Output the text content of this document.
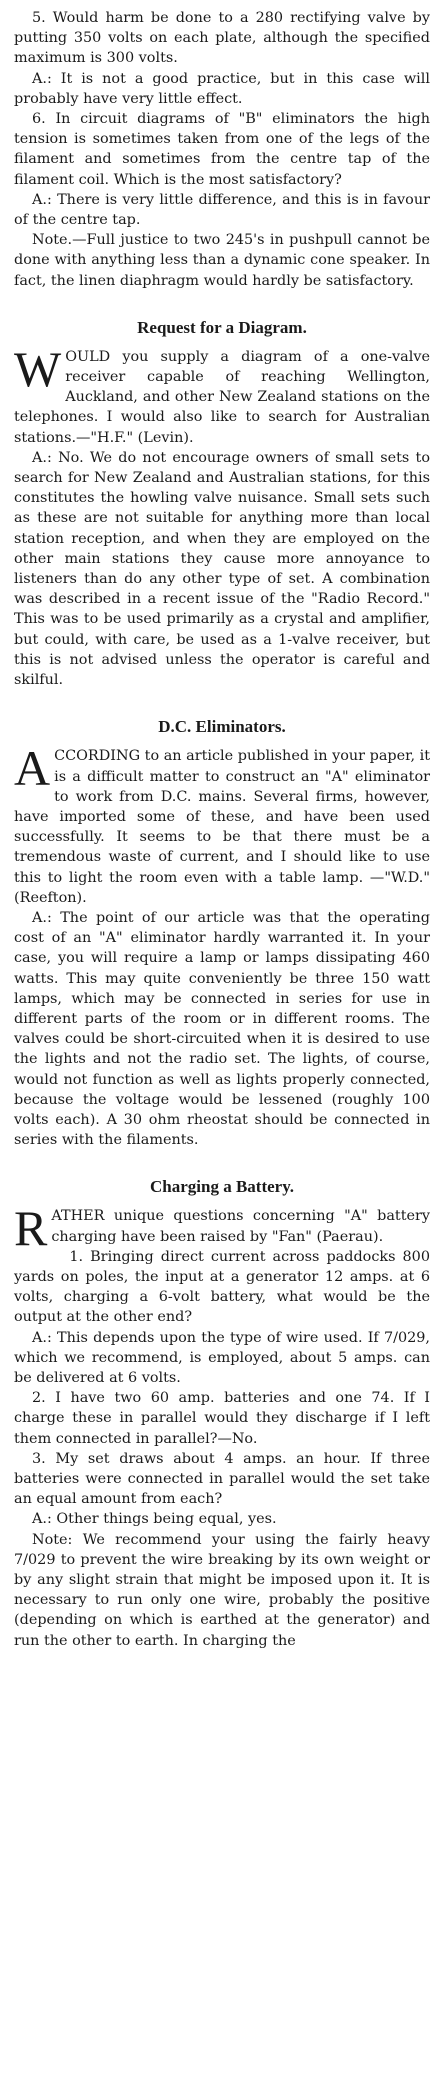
5. Would harm be done to a 280 rectifying valve by putting 350 volts on each plate, although the specified maximum is 300 volts.

A.: It is not a good practice, but in this case will probably have very little effect.

6. In circuit diagrams of "B" eliminators the high tension is sometimes taken from one of the legs of the filament and sometimes from the centre tap of the filament coil. Which is the most satisfactory?

A.: There is very little difference, and this is in favour of the centre tap.

Note.—Full justice to two 245's in pushpull cannot be done with anything less than a dynamic cone speaker. In fact, the linen diaphragm would hardly be satisfactory.

Request for a Diagram.

WOULD you supply a diagram of a one-valve receiver capable of reaching Wellington, Auckland, and other New Zealand stations on the telephones. I would also like to search for Australian stations.—"H.F." (Levin).

A.: No. We do not encourage owners of small sets to search for New Zealand and Australian stations, for this constitutes the howling valve nuisance. Small sets such as these are not suitable for anything more than local station reception, and when they are employed on the other main stations they cause more annoyance to listeners than do any other type of set. A combination was described in a recent issue of the "Radio Record." This was to be used primarily as a crystal and amplifier, but could, with care, be used as a 1-valve receiver, but this is not advised unless the operator is careful and skilful.

D.C. Eliminators.

ACCORDING to an article published in your paper, it is a difficult matter to construct an "A" eliminator to work from D.C. mains. Several firms, however, have imported some of these, and have been used successfully. It seems to be that there must be a tremendous waste of current, and I should like to use this to light the room even with a table lamp. —"W.D." (Reefton).

A.: The point of our article was that the operating cost of an "A" eliminator hardly warranted it. In your case, you will require a lamp or lamps dissipating 460 watts. This may quite conveniently be three 150 watt lamps, which may be connected in series for use in different parts of the room or in different rooms. The valves could be short-circuited when it is desired to use the lights and not the radio set. The lights, of course, would not function as well as lights properly connected, because the voltage would be lessened (roughly 100 volts each). A 30 ohm rheostat should be connected in series with the filaments.

Charging a Battery.

RATHER unique questions concerning "A" battery charging have been raised by "Fan" (Paerau).

1. Bringing direct current across paddocks 800 yards on poles, the input at a generator 12 amps. at 6 volts, charging a 6-volt battery, what would be the output at the other end?

A.: This depends upon the type of wire used. If 7/029, which we recommend, is employed, about 5 amps. can be delivered at 6 volts.

2. I have two 60 amp. batteries and one 74. If I charge these in parallel would they discharge if I left them connected in parallel?—No.

3. My set draws about 4 amps. an hour. If three batteries were connected in parallel would the set take an equal amount from each?

A.: Other things being equal, yes.

Note: We recommend your using the fairly heavy 7/029 to prevent the wire breaking by its own weight or by any slight strain that might be imposed upon it. It is necessary to run only one wire, probably the positive (depending on which is earthed at the generator) and run the other to earth. In charging the
